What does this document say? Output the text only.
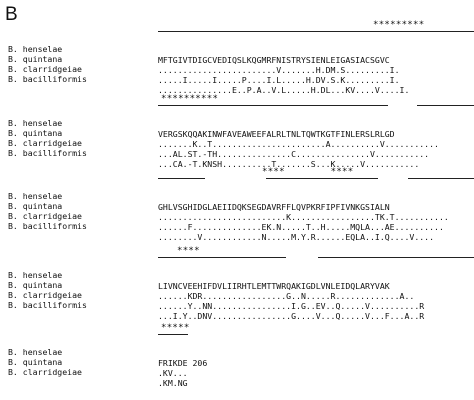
B	*********

B. henselae

MFTGIVTDIGCVEDIQSLKQGMRFNISTRYSIENLEIGASIACSGVC

B. quintana

........................V.......H.DM.S.........I.

B. clarridgeiae

.....I.....I.....P....I.L.....H.DV.S.K.........I.

B. bacilliformis

...............E..P.A..V.L.....H.DL...KV....V....I.

**********

B. henselae

VERGSKQQAKINWFAVEAWEEFALRLTNLTQWTKGTFINLERSLRLGD

B. quintana

.......K..T.......................A..........V...........

B. clarridgeiae

...AL.ST.-TH...............C...............V...........

B. bacilliformis

...CA.-T.KNSH..........T.......S...K.....V...........

****        ****

B. henselae

GHLVSGHIDGLAEIIDQKSEGDAVRFFLQVPKRFIPFIVNKGSIALN

B. quintana

..........................K.................TK.T...........

B. clarridgeiae

......F..............EK.N.....T..H.....MQLA...AE..........

B. bacilliformis

........V............N.....M.Y.R......EQLA..I.Q....V....

****

B. henselae

LIVNCVEEHIFDVLIIRHTLEMTTWRQAKIGDLVNLEIDQLARYVAK

B. quintana

......KDR.................G..N.....R.............A..

B. clarridgeiae

......Y..NN................I.G..EV..Q.....V..........R

B. bacilliformis

...I.Y..DNV................G....V...Q.....V...F...A..R

*****

B. henselae

FRIKDE 206

B. quintana

.KV...

B. clarridgeiae

.KM.NG
